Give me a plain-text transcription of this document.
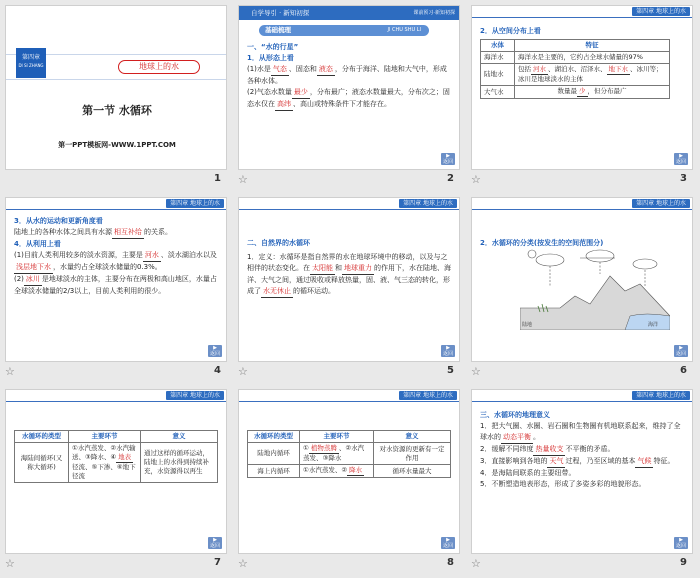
第四章
DI SI ZHANG	地球上的水
第一节 水循环
第一PPT模板网-WWW.1PPT.COM
1
自学导引 · 新知初探	课前预习·新知初探
基础梳理	JI CHU SHU LI
一、“水的行星”
1．从形态上看
(1)水是 气态 、固态和 液态 ，分布于海洋、陆地和大气中，形成各种水体。
(2)气态水数量 最少 ，分布最广；液态水数量最大，分布次之；固态水仅在 高纬 、高山或特殊条件下才能存在。
▶
返回
☆	2
第四章 地球上的水
2．从空间分布上看
水体	特征
海洋水	海洋水是主要的，它约占全球水储量的97%
陆地水	包括 河水 、湖泊水、沼泽水、 地下水 、冰川等；冰川是地球淡水的主体
大气水	数量最 少 ，但分布最广
▶
返回
☆	3
第四章 地球上的水
3．从水的运动和更新角度看
陆地上的各种水体之间具有水源 相互补给 的关系。
4．从利用上看
(1)目前人类利用较多的淡水资源，主要是 河水 、淡水湖泊水以及浅层地下水 ，水量约占全球淡水储量的0.3%。
(2) 冰川 是地球淡水的主体，主要分布在两极和高山地区，水量占全球淡水储量的2/3以上，目前人类利用的很少。
▶
返回
☆	4
第四章 地球上的水
二、自然界的水循环
1．定义：水循环是指自然界的水在地球环境中的移动，以及与之相伴的状态变化。在 太阳能 和 地球重力 的作用下，水在陆地、海洋、大气之间，通过吸收或释放热量，固、液、气三态的转化，形成了 水无休止 的循环运动。
▶
返回
☆	5
第四章 地球上的水
2．水循环的分类(按发生的空间范围分)
陆地	海洋
▶
返回
☆	6
第四章 地球上的水
水循环的类型	主要环节	意义
海陆间循环(又称大循环)	①水汽蒸发、②水汽输送、③降水、④ 地表径流、⑤下渗、⑥地下径流	通过这样的循环运动，陆地上的水得到持续补充，水资源得以再生
▶
返回
☆	7
第四章 地球上的水
水循环的类型	主要环节	意义
陆地内循环	① 植物蒸腾 、②水汽蒸发、③降水	对水资源的更新有一定作用
海上内循环	①水汽蒸发、② 降水	循环水量最大
▶
返回
☆	8
第四章 地球上的水
三、水循环的地理意义
1．把大气圈、水圈、岩石圈和生物圈有机地联系起来，维持了全球水的 动态平衡 。
2．缓解不同纬度 热量收支 不平衡的矛盾。
3．直接影响到各地的 天气 过程，乃至区域的基本 气候 特征。
4．是海陆间联系的主要纽带。
5．不断塑造地表形态，形成了多姿多彩的地貌形态。
▶
返回
☆	9
